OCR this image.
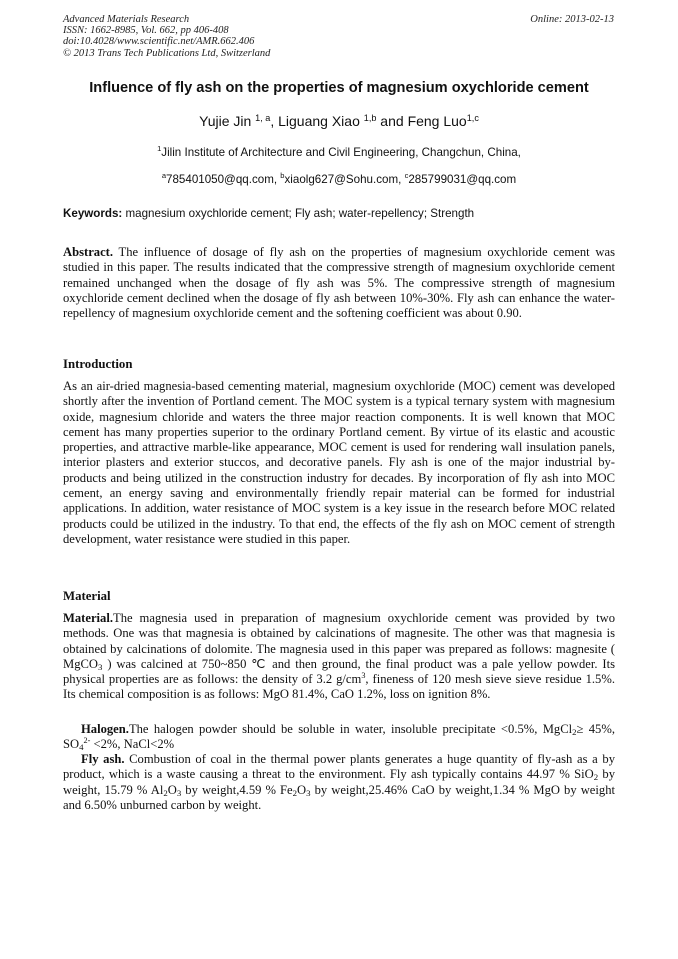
Advanced Materials Research
ISSN: 1662-8985, Vol. 662, pp 406-408
doi:10.4028/www.scientific.net/AMR.662.406
© 2013 Trans Tech Publications Ltd, Switzerland
Online: 2013-02-13
Influence of fly ash on the properties of magnesium oxychloride cement
Yujie Jin $^{1, a}$, Liguang Xiao $^{1,b}$ and Feng Luo$^{1,c}$
$^1$Jilin Institute of Architecture and Civil Engineering, Changchun, China,
$^a$785401050@qq.com, $^b$xiaolg627@Sohu.com, $^c$285799031@qq.com
Keywords: magnesium oxychloride cement; Fly ash; water-repellency; Strength
Abstract. The influence of dosage of fly ash on the properties of magnesium oxychloride cement was studied in this paper. The results indicated that the compressive strength of magnesium oxychloride cement remained unchanged when the dosage of fly ash was 5%. The compressive strength of magnesium oxychloride cement declined when the dosage of fly ash between 10%-30%. Fly ash can enhance the water-repellency of magnesium oxychloride cement and the softening coefficient was about 0.90.
Introduction
As an air-dried magnesia-based cementing material, magnesium oxychloride (MOC) cement was developed shortly after the invention of Portland cement. The MOC system is a typical ternary system with magnesium oxide, magnesium chloride and waters the three major reaction components. It is well known that MOC cement has many properties superior to the ordinary Portland cement. By virtue of its elastic and acoustic properties, and attractive marble-like appearance, MOC cement is used for rendering wall insulation panels, interior plasters and exterior stuccos, and decorative panels. Fly ash is one of the major industrial by-products and being utilized in the construction industry for decades. By incorporation of fly ash into MOC cement, an energy saving and environmentally friendly repair material can be formed for industrial applications. In addition, water resistance of MOC system is a key issue in the research before MOC related products could be utilized in the industry. To that end, the effects of the fly ash on MOC cement of strength development, water resistance were studied in this paper.
Material
Material.The magnesia used in preparation of magnesium oxychloride cement was provided by two methods. One was that magnesia is obtained by calcinations of magnesite. The other was that magnesia is obtained by calcinations of dolomite. The magnesia used in this paper was prepared as follows: magnesite ( MgCO$_3$ ) was calcined at 750~850 ℃ and then ground, the final product was a pale yellow powder. Its physical properties are as follows: the density of 3.2 $g/cm^3$, fineness of 120 mesh sieve sieve residue 1.5%. Its chemical composition is as follows: MgO 81.4%, CaO 1.2%, loss on ignition 8%.
Halogen.The halogen powder should be soluble in water, insoluble precipitate <0.5%, MgCl$_2$≥ 45%, $SO_4^{2-} <2\%$, NaCl<2%
Fly ash. Combustion of coal in the thermal power plants generates a huge quantity of fly-ash as a by product, which is a waste causing a threat to the environment. Fly ash typically contains 44.97 % SiO$_2$ by weight, 15.79 % $Al_2O_3$ by weight,4.59 % $Fe_2O_3$ by weight,25.46% CaO by weight,1.34 % MgO by weight and 6.50% unburned carbon by weight.
